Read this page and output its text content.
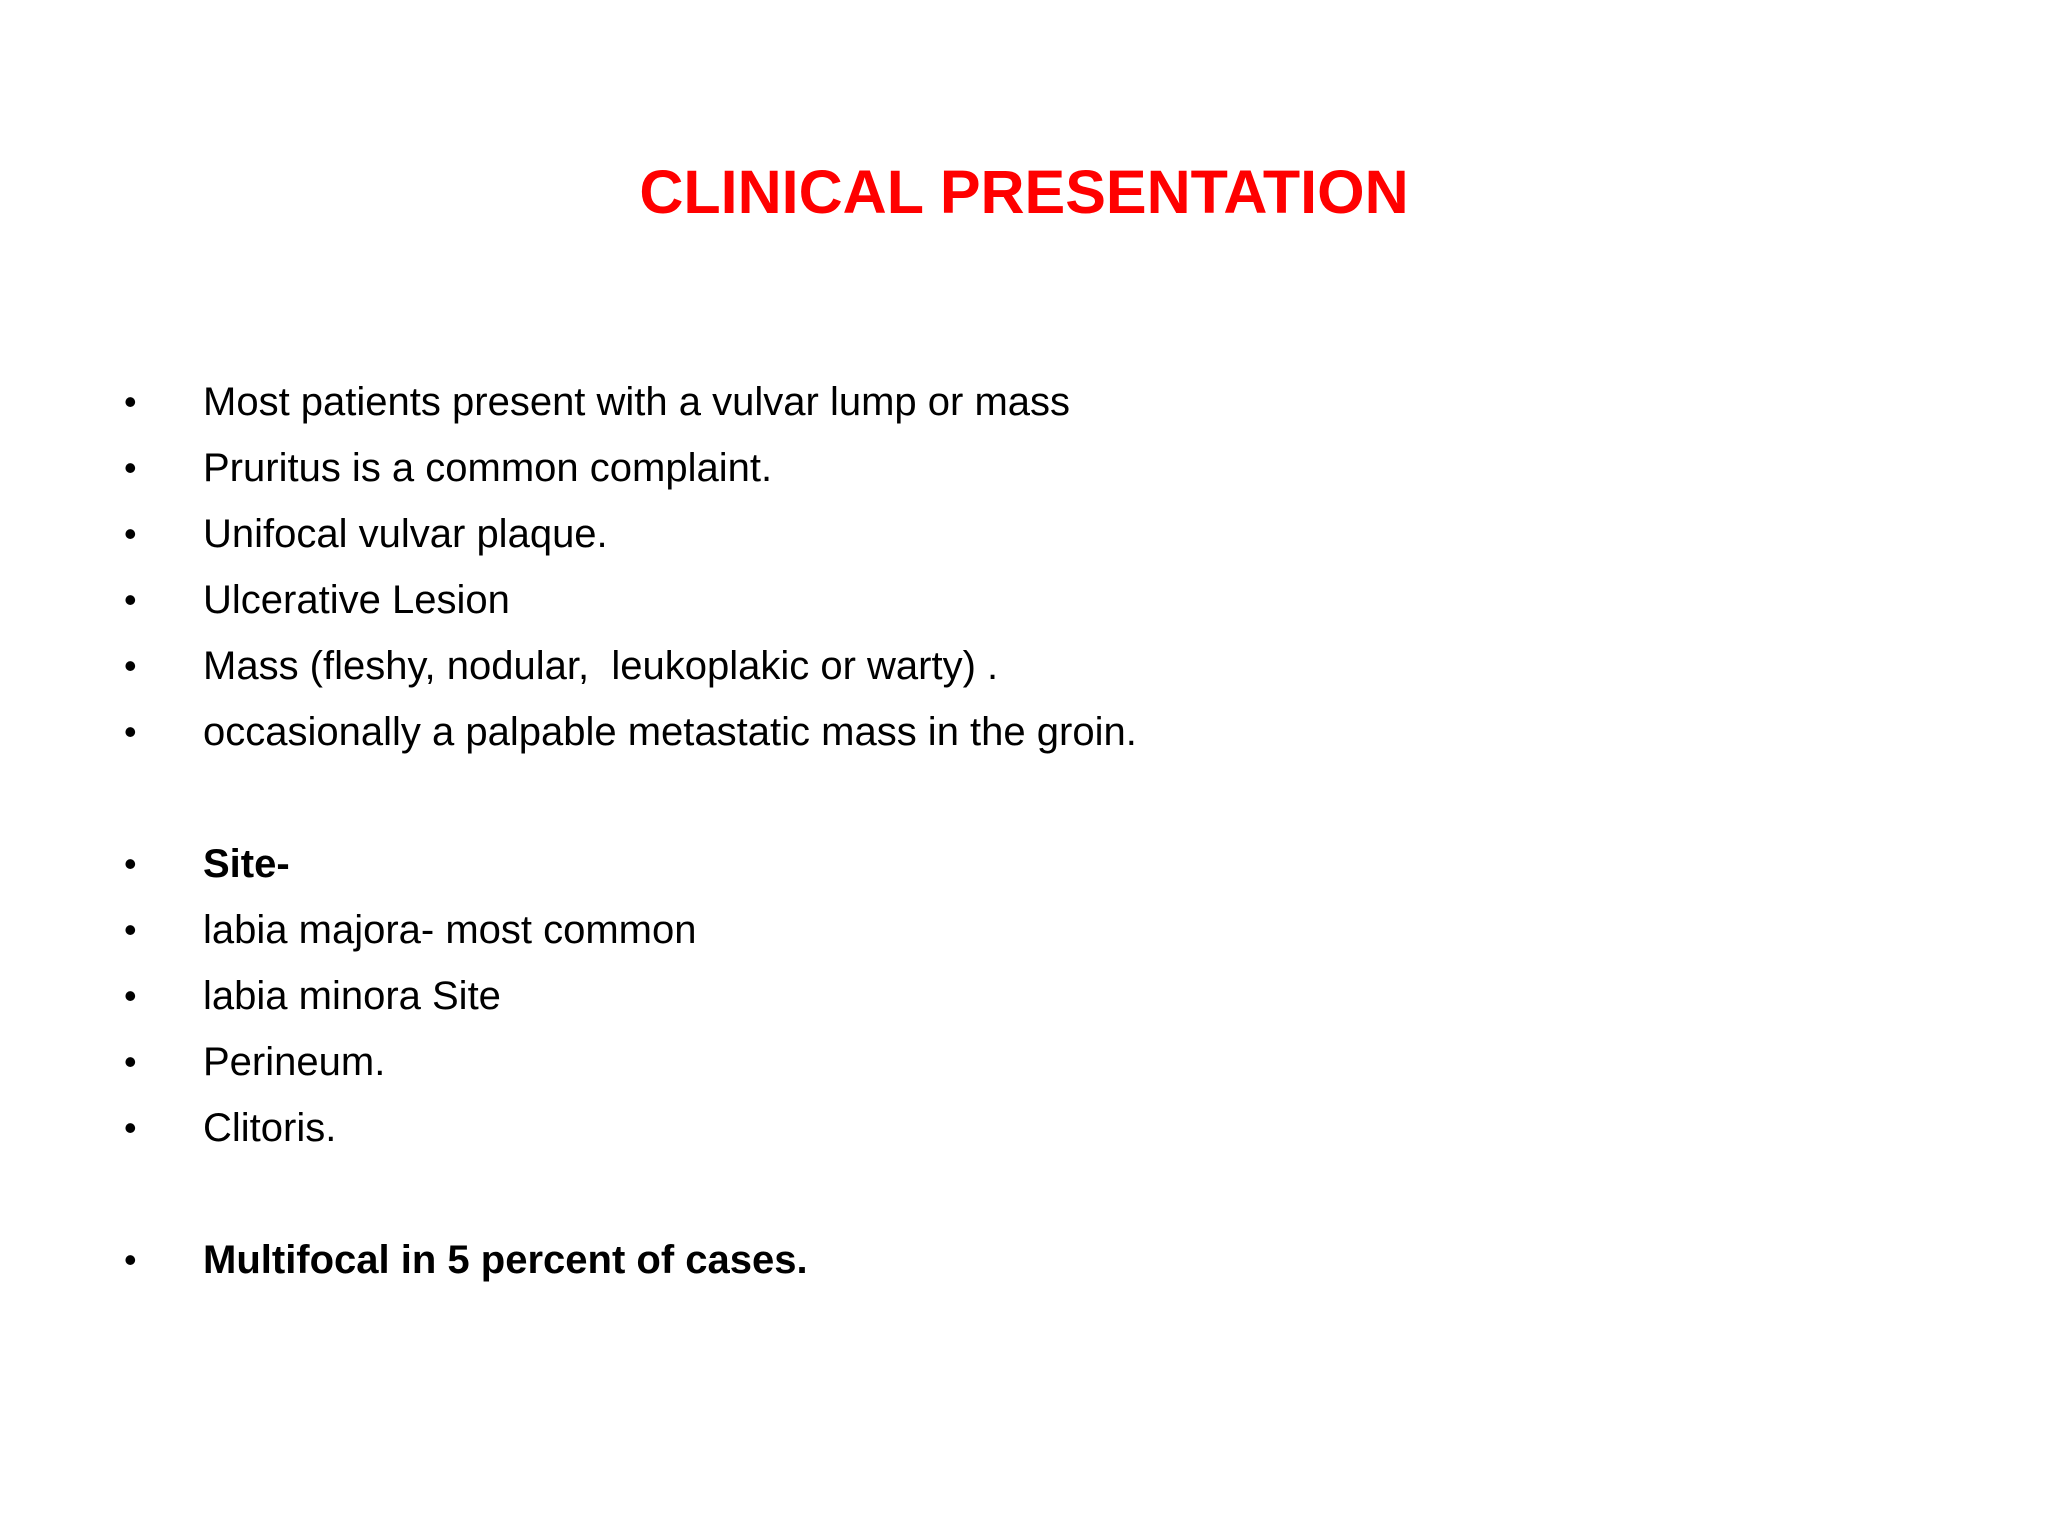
CLINICAL PRESENTATION
• Most patients present with a vulvar lump or mass
• Pruritus is a common complaint.
• Unifocal vulvar plaque.
• Ulcerative Lesion
• Mass (fleshy, nodular,  leukoplakic or warty) .
• occasionally a palpable metastatic mass in the groin.
• Site-
• labia majora- most common
• labia minora Site
• Perineum.
• Clitoris.
• Multifocal in 5 percent of cases.
